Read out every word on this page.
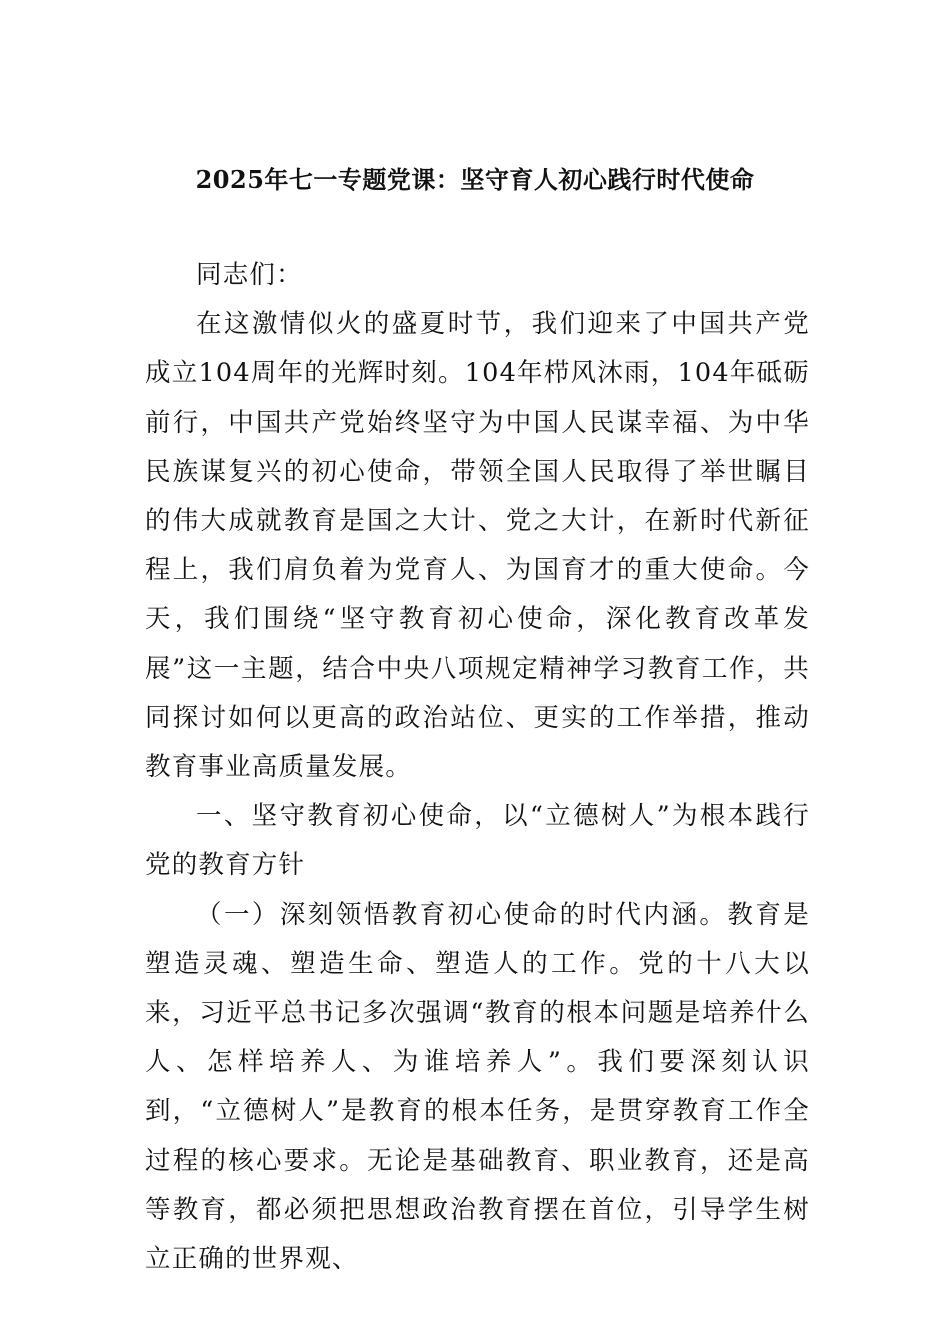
2025年七一专题党课：坚守育人初心践行时代使命

同志们：

在这激情似火的盛夏时节，我们迎来了中国共产党成立104周年的光辉时刻。104年栉风沐雨，104年砥砺前行，中国共产党始终坚守为中国人民谋幸福、为中华民族谋复兴的初心使命，带领全国人民取得了举世瞩目的伟大成就教育是国之大计、党之大计，在新时代新征程上，我们肩负着为党育人、为国育才的重大使命。今天，我们围绕“坚守教育初心使命，深化教育改革发展”这一主题，结合中央八项规定精神学习教育工作，共同探讨如何以更高的政治站位、更实的工作举措，推动教育事业高质量发展。

一、坚守教育初心使命，以“立德树人”为根本践行党的教育方针

（一）深刻领悟教育初心使命的时代内涵。教育是塑造灵魂、塑造生命、塑造人的工作。党的十八大以来，习近平总书记多次强调“教育的根本问题是培养什么人、怎样培养人、为谁培养人”。我们要深刻认识到，“立德树人”是教育的根本任务，是贯穿教育工作全过程的核心要求。无论是基础教育、职业教育，还是高等教育，都必须把思想政治教育摆在首位，引导学生树立正确的世界观、
